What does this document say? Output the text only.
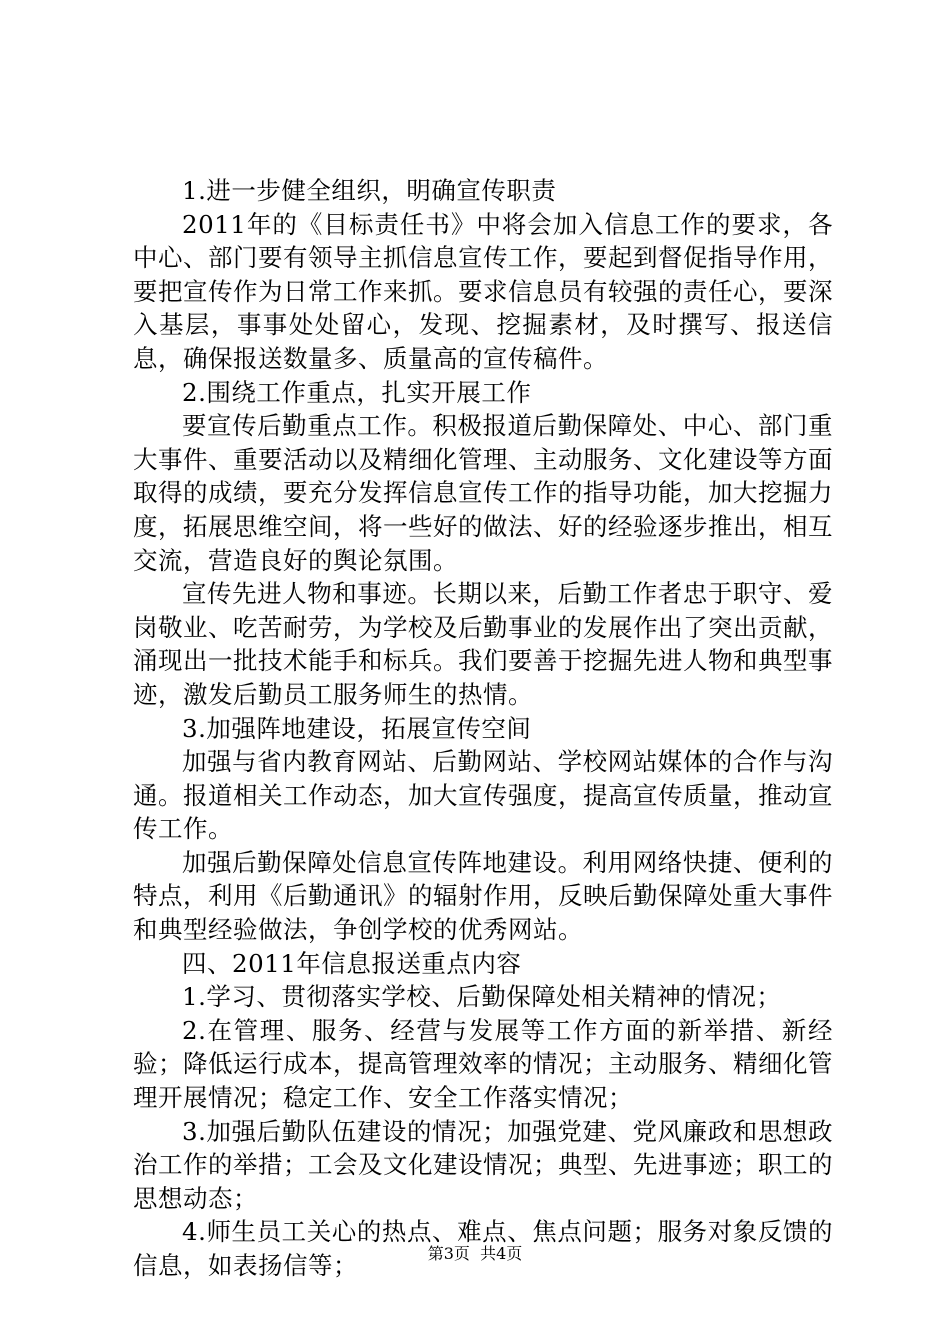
1.进一步健全组织，明确宣传职责

2011年的《目标责任书》中将会加入信息工作的要求，各中心、部门要有领导主抓信息宣传工作，要起到督促指导作用，要把宣传作为日常工作来抓。要求信息员有较强的责任心，要深入基层，事事处处留心，发现、挖掘素材，及时撰写、报送信息，确保报送数量多、质量高的宣传稿件。

2.围绕工作重点，扎实开展工作

要宣传后勤重点工作。积极报道后勤保障处、中心、部门重大事件、重要活动以及精细化管理、主动服务、文化建设等方面取得的成绩，要充分发挥信息宣传工作的指导功能，加大挖掘力度，拓展思维空间，将一些好的做法、好的经验逐步推出，相互交流，营造良好的舆论氛围。

宣传先进人物和事迹。长期以来，后勤工作者忠于职守、爱岗敬业、吃苦耐劳，为学校及后勤事业的发展作出了突出贡献，涌现出一批技术能手和标兵。我们要善于挖掘先进人物和典型事迹，激发后勤员工服务师生的热情。

3.加强阵地建设，拓展宣传空间

加强与省内教育网站、后勤网站、学校网站媒体的合作与沟通。报道相关工作动态，加大宣传强度，提高宣传质量，推动宣传工作。

加强后勤保障处信息宣传阵地建设。利用网络快捷、便利的特点，利用《后勤通讯》的辐射作用，反映后勤保障处重大事件和典型经验做法，争创学校的优秀网站。

四、2011年信息报送重点内容

1.学习、贯彻落实学校、后勤保障处相关精神的情况；

2.在管理、服务、经营与发展等工作方面的新举措、新经验；降低运行成本，提高管理效率的情况；主动服务、精细化管理开展情况；稳定工作、安全工作落实情况；

3.加强后勤队伍建设的情况；加强党建、党风廉政和思想政治工作的举措；工会及文化建设情况；典型、先进事迹；职工的思想动态；

4.师生员工关心的热点、难点、焦点问题；服务对象反馈的信息，如表扬信等；	第3页 共4页
